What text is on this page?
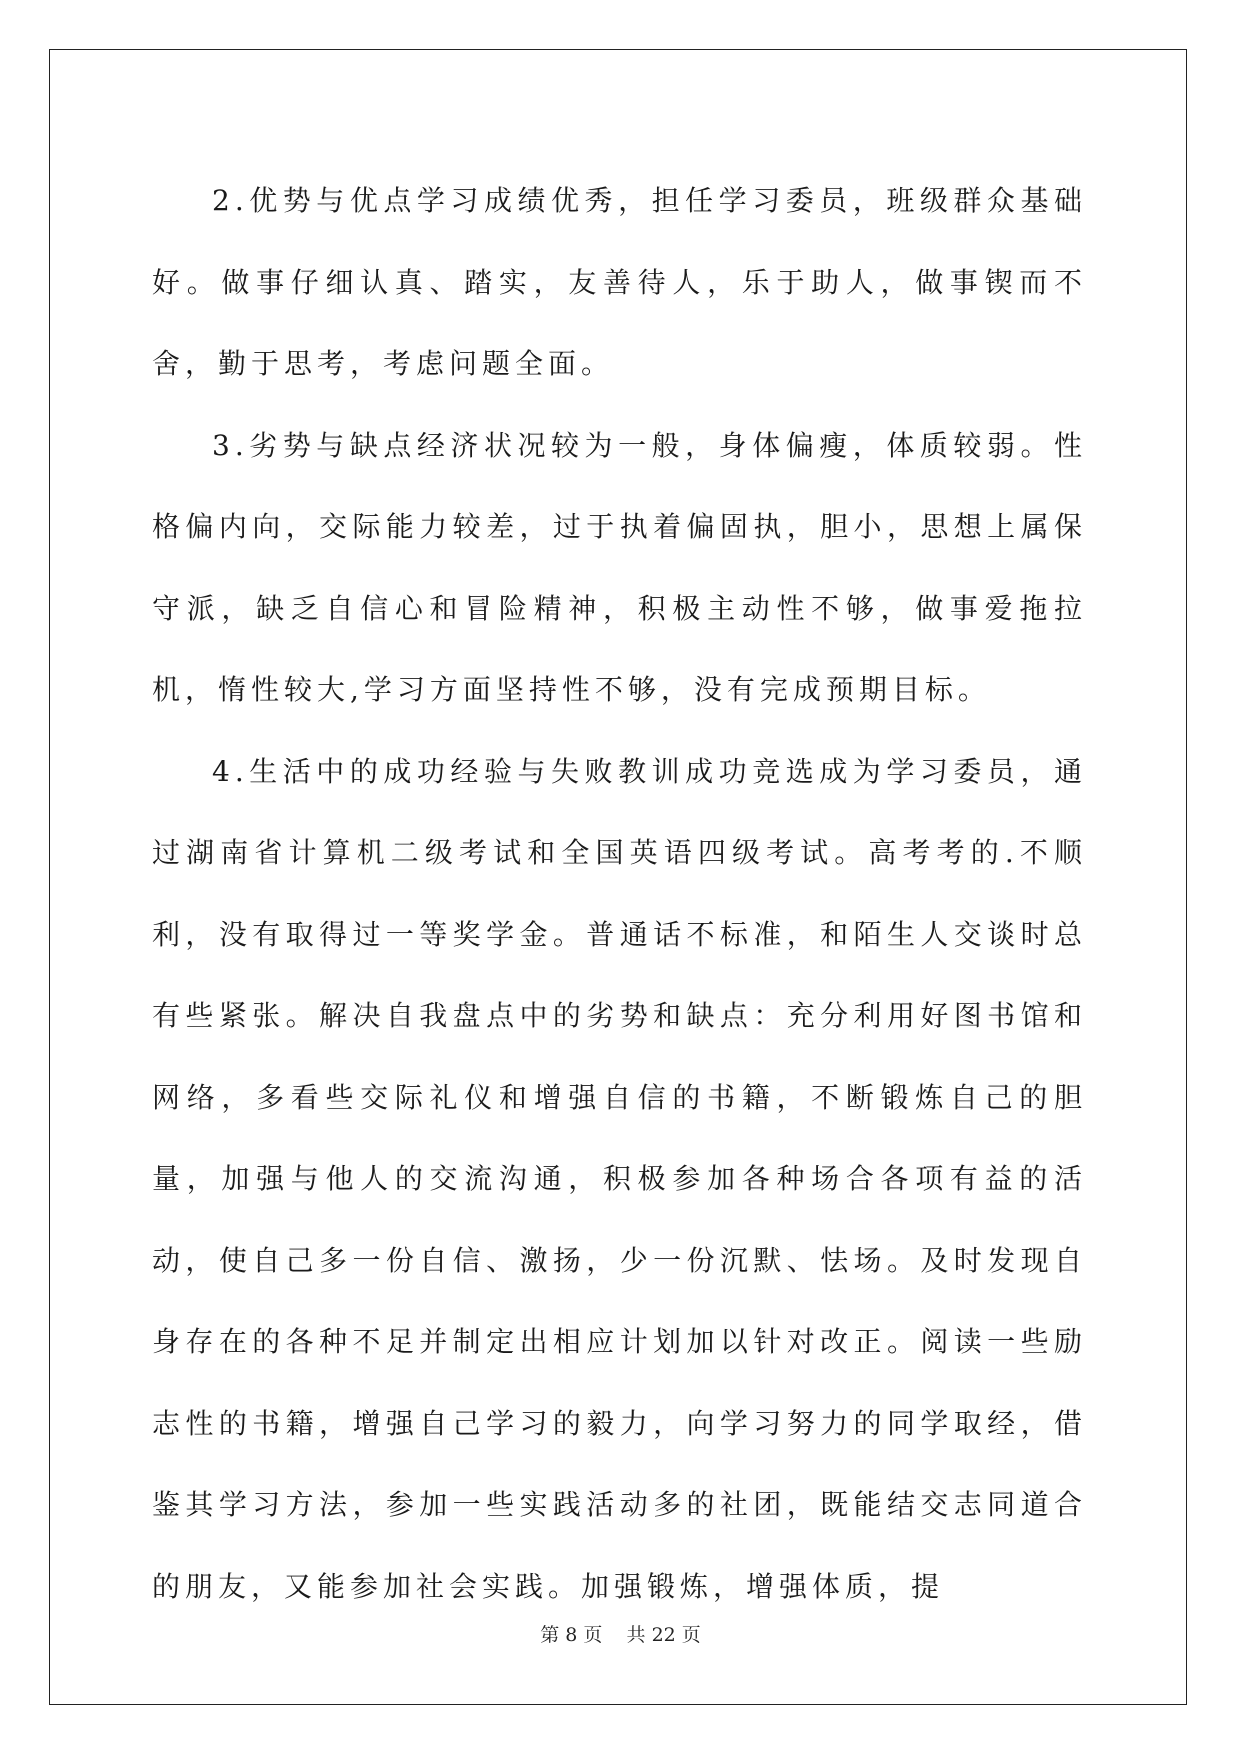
2.优势与优点学习成绩优秀，担任学习委员，班级群众基础好。做事仔细认真、踏实，友善待人，乐于助人，做事锲而不舍，勤于思考，考虑问题全面。

3.劣势与缺点经济状况较为一般，身体偏瘦，体质较弱。性格偏内向，交际能力较差，过于执着偏固执，胆小，思想上属保守派，缺乏自信心和冒险精神，积极主动性不够，做事爱拖拉机，惰性较大,学习方面坚持性不够，没有完成预期目标。

4.生活中的成功经验与失败教训成功竞选成为学习委员，通过湖南省计算机二级考试和全国英语四级考试。高考考的.不顺利，没有取得过一等奖学金。普通话不标准，和陌生人交谈时总有些紧张。解决自我盘点中的劣势和缺点：充分利用好图书馆和网络，多看些交际礼仪和增强自信的书籍，不断锻炼自己的胆量，加强与他人的交流沟通，积极参加各种场合各项有益的活动，使自己多一份自信、激扬，少一份沉默、怯场。及时发现自身存在的各种不足并制定出相应计划加以针对改正。阅读一些励志性的书籍，增强自己学习的毅力，向学习努力的同学取经，借鉴其学习方法，参加一些实践活动多的社团，既能结交志同道合的朋友，又能参加社会实践。加强锻炼，增强体质，提

第 8 页 共 22 页
